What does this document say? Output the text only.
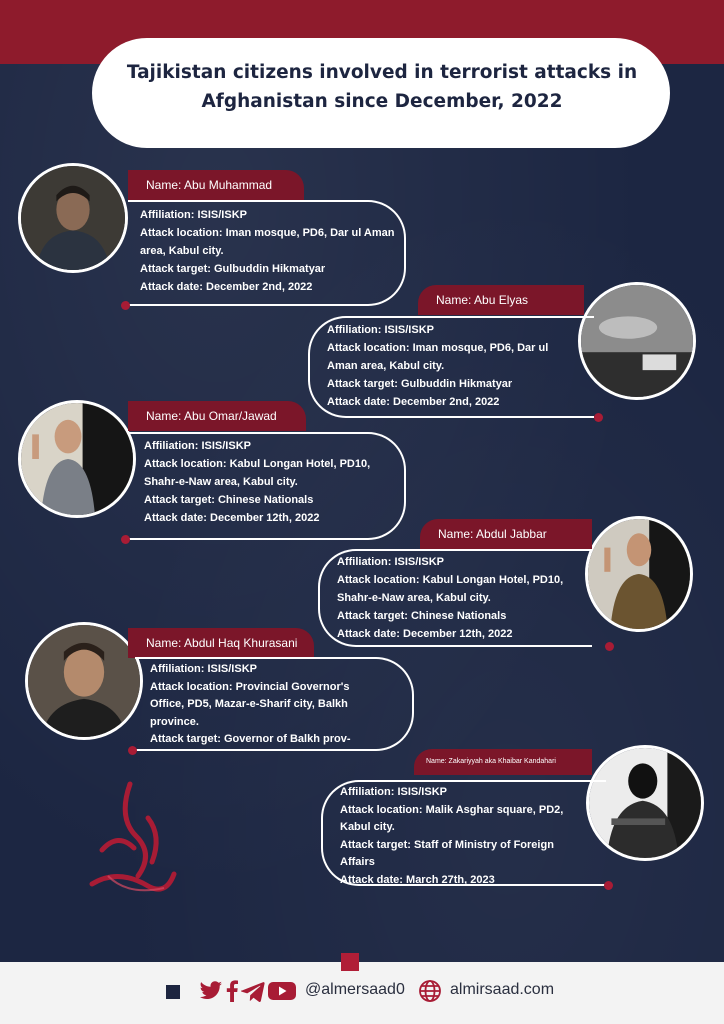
Tajikistan citizens involved in terrorist attacks in Afghanistan since December, 2022
Name: Abu Muhammad
Affiliation: ISIS/ISKP
Attack location: Iman mosque, PD6, Dar ul Aman area, Kabul city.
Attack target: Gulbuddin Hikmatyar
Attack date: December 2nd, 2022
Name: Abu Elyas
Affiliation: ISIS/ISKP
Attack location: Iman mosque, PD6, Dar ul Aman area, Kabul city.
Attack target: Gulbuddin Hikmatyar
Attack date: December 2nd, 2022
Name: Abu Omar/Jawad
Affiliation: ISIS/ISKP
Attack location: Kabul Longan Hotel, PD10, Shahr-e-Naw area, Kabul city.
Attack target: Chinese Nationals
Attack date: December 12th, 2022
Name: Abdul Jabbar
Affiliation: ISIS/ISKP
Attack location: Kabul Longan Hotel, PD10, Shahr-e-Naw area, Kabul city.
Attack target: Chinese Nationals
Attack date: December 12th, 2022
Name: Abdul Haq Khurasani
Affiliation: ISIS/ISKP
Attack location: Provincial Governor's Office, PD5, Mazar-e-Sharif city, Balkh province.
Attack target: Governor of Balkh prov-
Name: Zakariyyah aka Khaibar Kandahari
Affiliation: ISIS/ISKP
Attack location: Malik Asghar square, PD2, Kabul city.
Attack target: Staff of Ministry of Foreign Affairs
Attack date: March 27th, 2023
@almersaad0	almirsaad.com
